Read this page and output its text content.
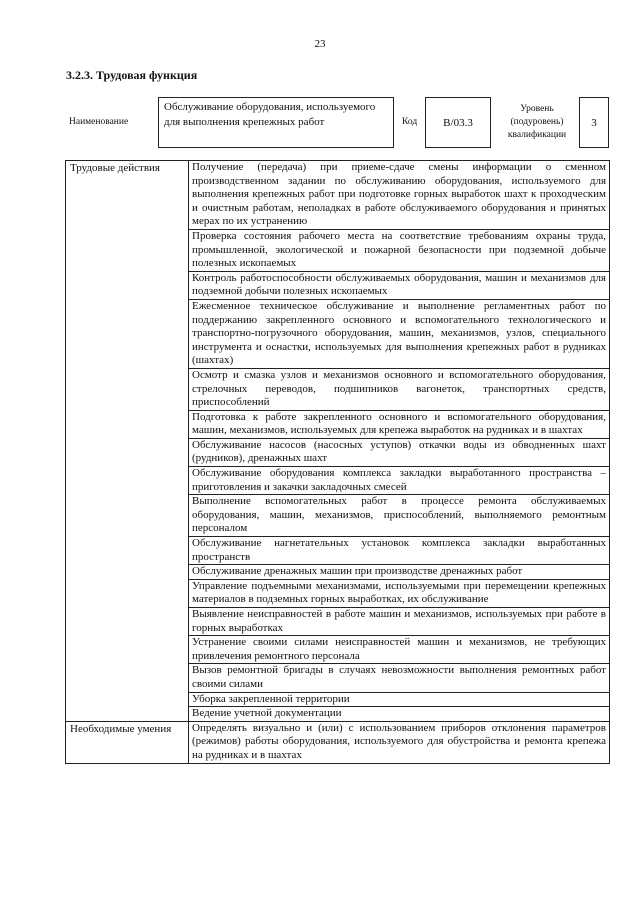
23
3.2.3. Трудовая функция
Наименование
Обслуживание оборудования, используемого для выполнения крепежных работ	Код В/03.3
Уровень (подуровень) квалификации
3
Трудовые действия	Получение (передача) при приеме-сдаче смены информации о сменном производственном задании по обслуживанию оборудования, используемого для выполнения крепежных работ при подготовке горных выработок шахт к проходческим и очистным работам, неполадках в работе обслуживаемого оборудования и принятых мерах по их устранению
	Проверка состояния рабочего места на соответствие требованиям охраны труда, промышленной, экологической и пожарной безопасности при подземной добыче полезных ископаемых
	Контроль работоспособности обслуживаемых оборудования, машин и механизмов для подземной добычи полезных ископаемых
	Ежесменное техническое обслуживание и выполнение регламентных работ по поддержанию закрепленного основного и вспомогательного технологического и транспортно-погрузочного оборудования, машин, механизмов, узлов, специального инструмента и оснастки, используемых для выполнения крепежных работ в рудниках (шахтах)
	Осмотр и смазка узлов и механизмов основного и вспомогательного оборудования, стрелочных переводов, подшипников вагонеток, транспортных средств, приспособлений
	Подготовка к работе закрепленного основного и вспомогательного оборудования, машин, механизмов, используемых для крепежа выработок на рудниках и в шахтах
	Обслуживание насосов (насосных уступов) откачки воды из обводненных шахт (рудников), дренажных шахт
	Обслуживание оборудования комплекса закладки выработанного пространства – приготовления и закачки закладочных смесей
	Выполнение вспомогательных работ в процессе ремонта обслуживаемых оборудования, машин, механизмов, приспособлений, выполняемого ремонтным персоналом
	Обслуживание нагнетательных установок комплекса закладки выработанных пространств
	Обслуживание дренажных машин при производстве дренажных работ
	Управление подъемными механизмами, используемыми при перемещении крепежных материалов в подземных горных выработках, их обслуживание
	Выявление неисправностей в работе машин и механизмов, используемых при работе в горных выработках
	Устранение своими силами неисправностей машин и механизмов, не требующих привлечения ремонтного персонала
	Вызов ремонтной бригады в случаях невозможности выполнения ремонтных работ своими силами
	Уборка закрепленной территории
	Ведение учетной документации
Необходимые умения	Определять визуально и (или) с использованием приборов отклонения параметров (режимов) работы оборудования, используемого для обустройства и ремонта крепежа на рудниках и в шахтах
